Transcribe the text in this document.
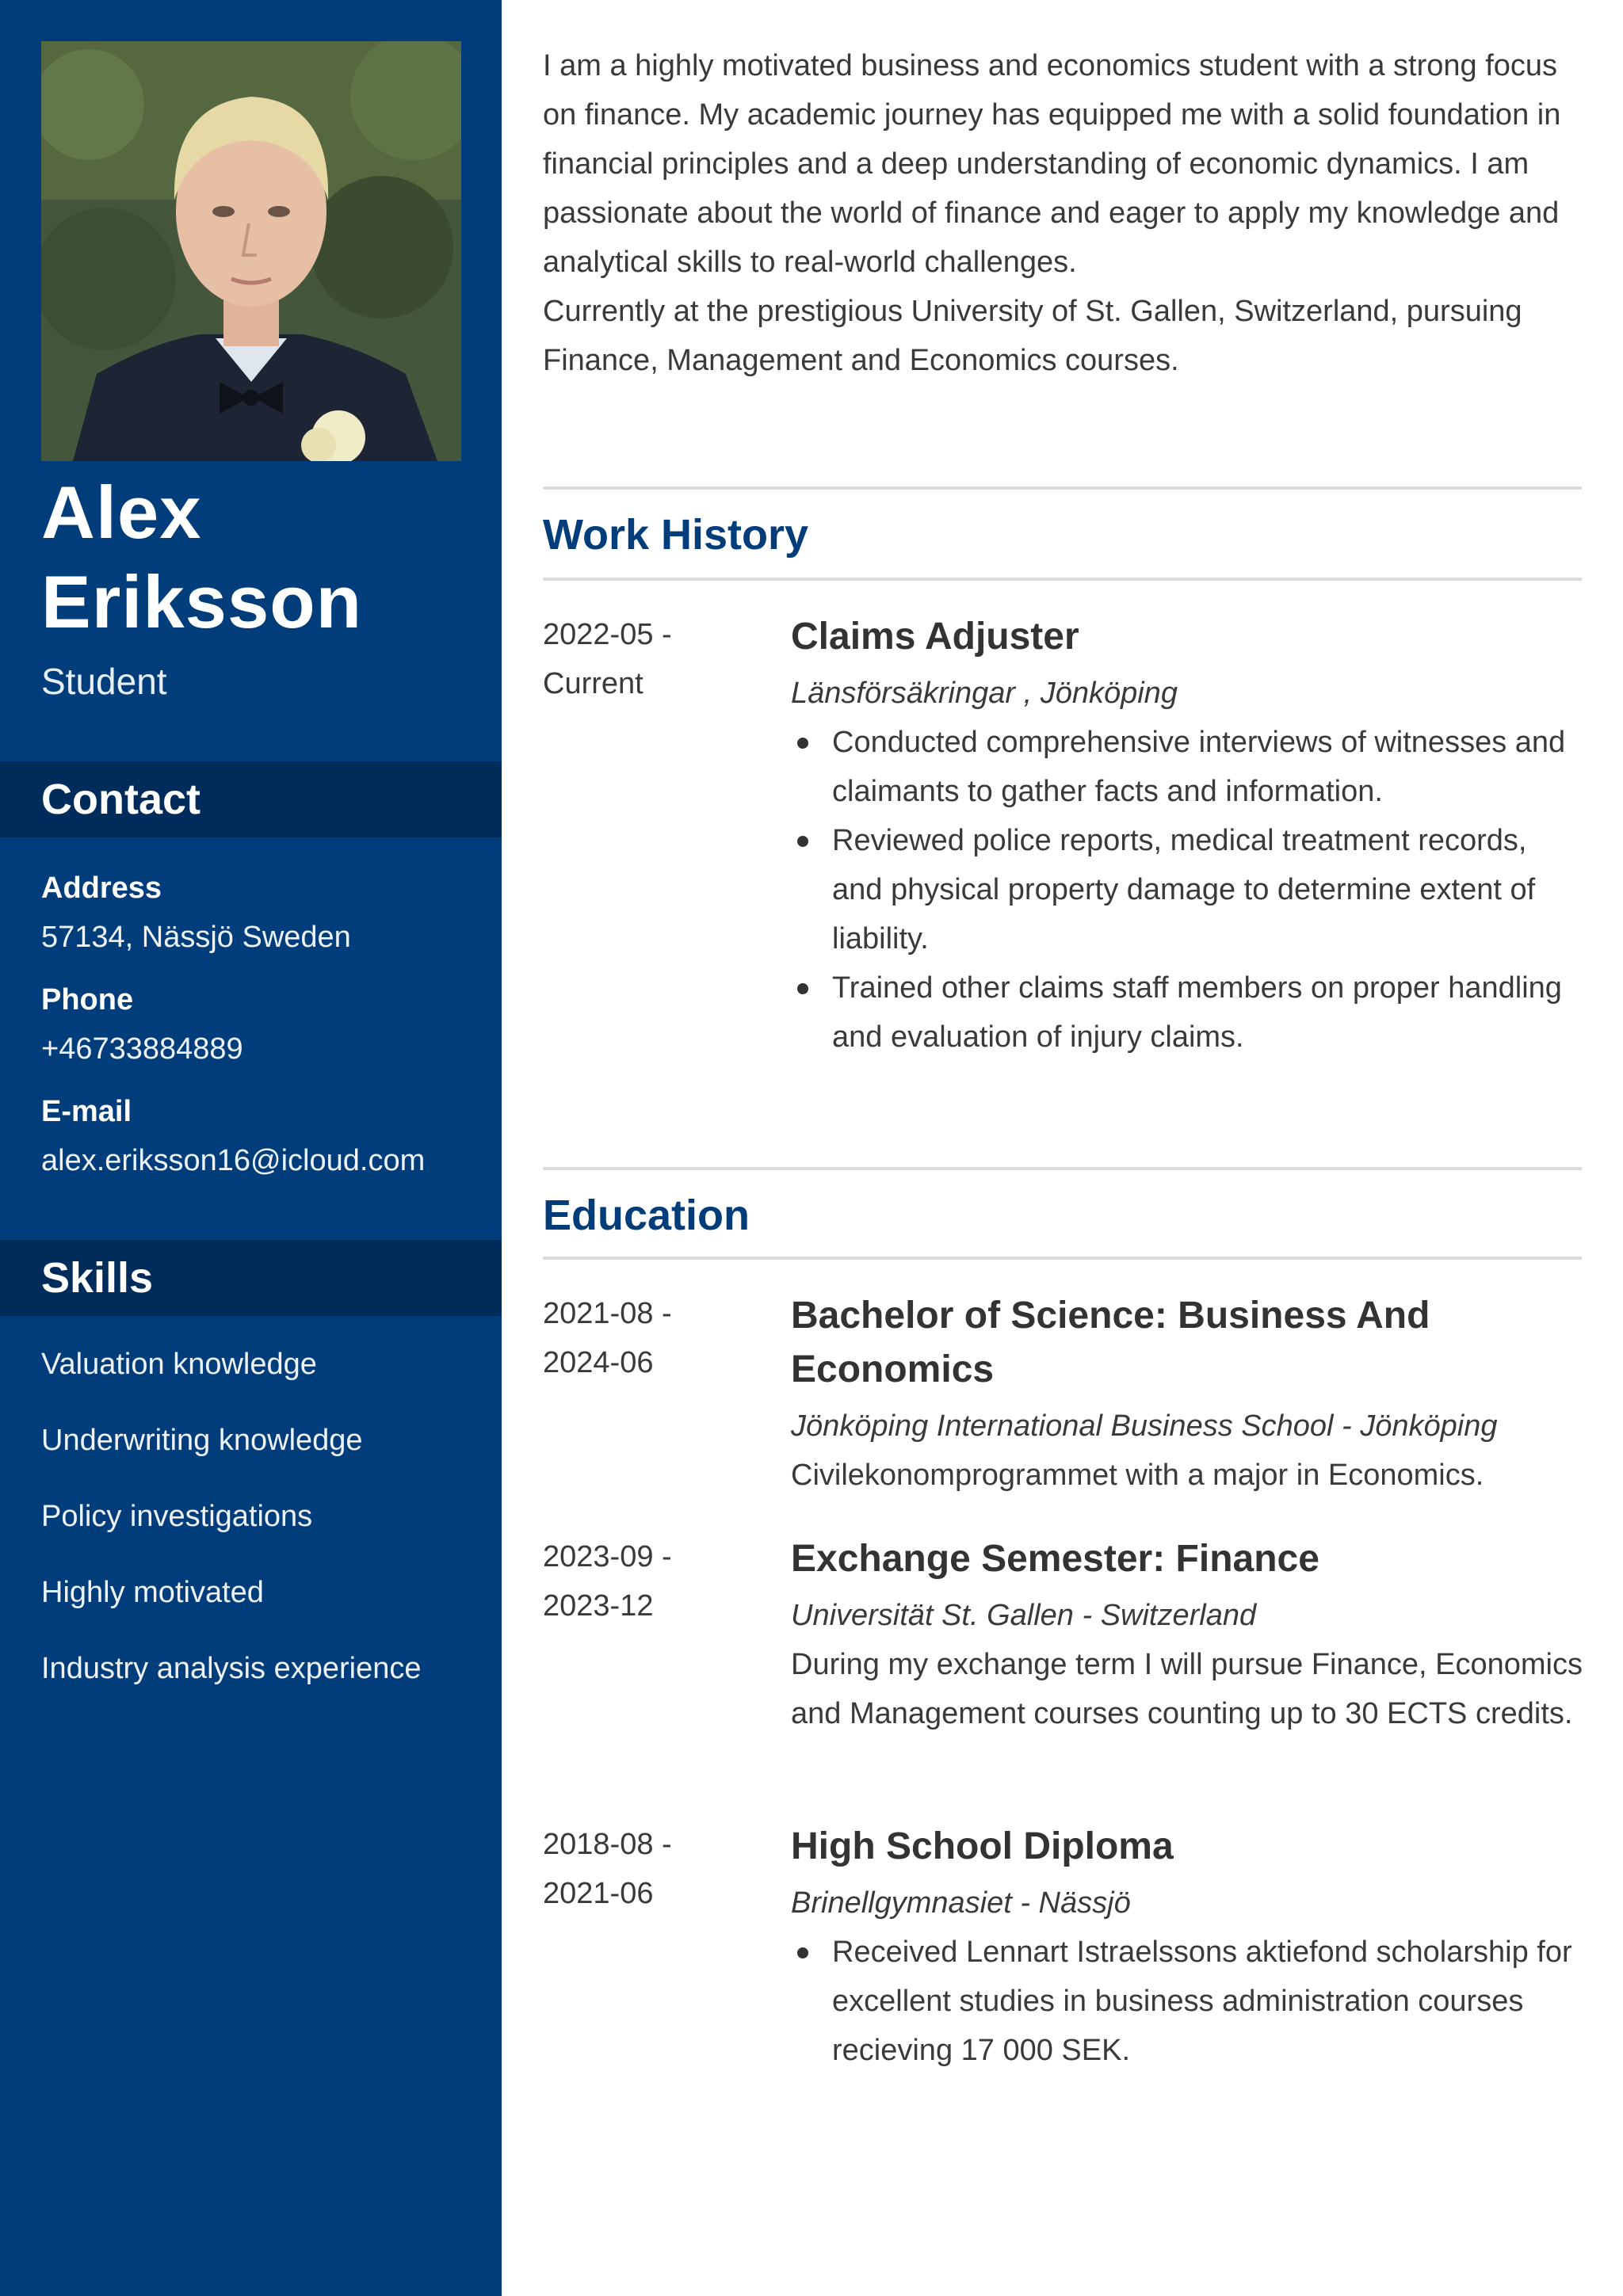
Alex
Eriksson
Student
Contact
Address
57134, Nässjö Sweden
Phone
+46733884889
E-mail
alex.eriksson16@icloud.com
Skills
Valuation knowledge
Underwriting knowledge
Policy investigations
Highly motivated
Industry analysis experience
I am a highly motivated business and economics student with a strong focus on finance. My academic journey has equipped me with a solid foundation in financial principles and a deep understanding of economic dynamics. I am passionate about the world of finance and eager to apply my knowledge and analytical skills to real-world challenges.
Currently at the prestigious University of St. Gallen, Switzerland, pursuing Finance, Management and Economics courses.
Work History
2022-05 -
Current
Claims Adjuster
Länsförsäkringar , Jönköping
Conducted comprehensive interviews of witnesses and claimants to gather facts and information.
Reviewed police reports, medical treatment records, and physical property damage to determine extent of liability.
Trained other claims staff members on proper handling and evaluation of injury claims.
Education
2021-08 -
2024-06
Bachelor of Science: Business And Economics
Jönköping International Business School - Jönköping
Civilekonomprogrammet with a major in Economics.
2023-09 -
2023-12
Exchange Semester: Finance
Universität St. Gallen - Switzerland
During my exchange term I will pursue Finance, Economics and Management courses counting up to 30 ECTS credits.
2018-08 -
2021-06
High School Diploma
Brinellgymnasiet - Nässjö
Received Lennart Istraelssons aktiefond scholarship for excellent studies in business administration courses recieving 17 000 SEK.
